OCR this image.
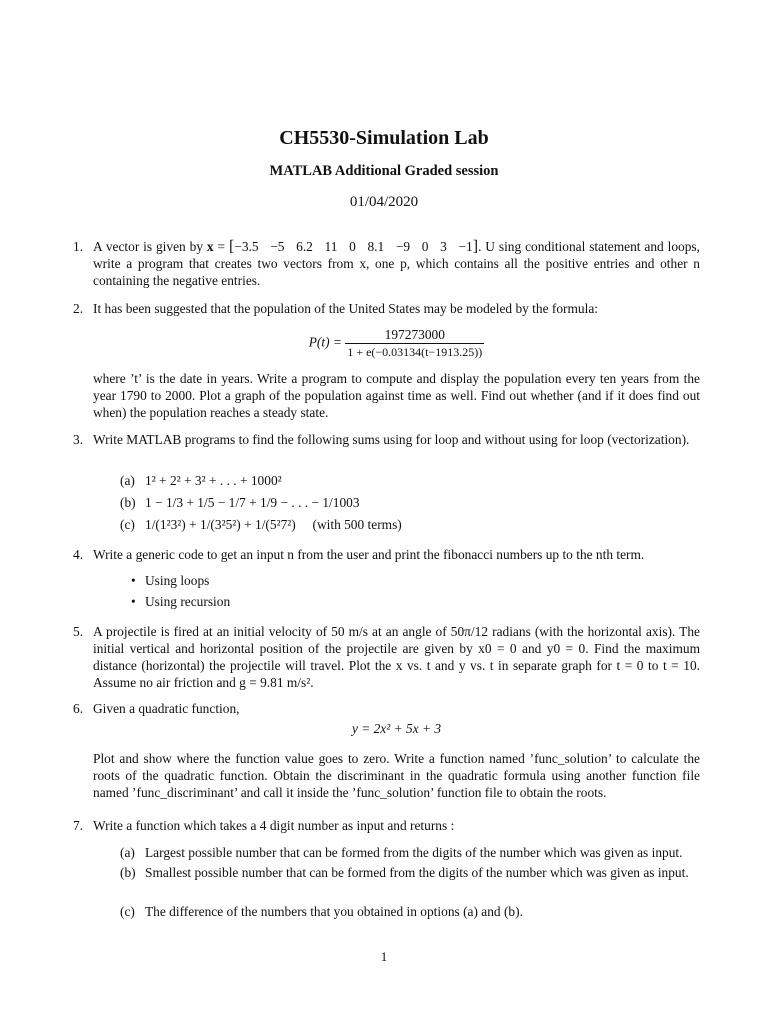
CH5530-Simulation Lab
MATLAB Additional Graded session
01/04/2020
1. A vector is given by x = [−3.5   −5   6.2   11   0   8.1   −9   0   3   −1]. U sing conditional statement and loops, write a program that creates two vectors from x, one p, which contains all the positive entries and other n containing the negative entries.

2. It has been suggested that the population of the United States may be modeled by the formula:

$P(t) = \frac{197273000}{1 + e(-0.03134(t-1913.25))}$

where ’t’ is the date in years. Write a program to compute and display the population every ten years from the year 1790 to 2000. Plot a graph of the population against time as well. Find out whether (and if it does find out when) the population reaches a steady state.

3. Write MATLAB programs to find the following sums using for loop and without using for loop (vectorization).

(a) 1² + 2² + 3² + . . . + 1000²
(b) 1 − 1/3 + 1/5 − 1/7 + 1/9 − . . . − 1/1003
(c) 1/(1²3²) + 1/(3²5²) + 1/(5²7²)     (with 500 terms)
4. Write a generic code to get an input n from the user and print the fibonacci numbers up to the nth term.

• Using loops
• Using recursion
5. A projectile is fired at an initial velocity of 50 m/s at an angle of 50π/12 radians (with the horizontal axis). The initial vertical and horizontal position of the projectile are given by x0 = 0 and y0 = 0. Find the maximum distance (horizontal) the projectile will travel. Plot the x vs. t and y vs. t in separate graph for t = 0 to t = 10. Assume no air friction and g = 9.81 m/s².

6. Given a quadratic function,

y = 2x² + 5x + 3

Plot and show where the function value goes to zero. Write a function named ’func_solution’ to calculate the roots of the quadratic function. Obtain the discriminant in the quadratic formula using another function file named ’func_discriminant’ and call it inside the ’func_solution’ function file to obtain the roots.

7. Write a function which takes a 4 digit number as input and returns :

(a) Largest possible number that can be formed from the digits of the number which was given as input.
(b) Smallest possible number that can be formed from the digits of the number which was given as input.
(c) The difference of the numbers that you obtained in options (a) and (b).
1
